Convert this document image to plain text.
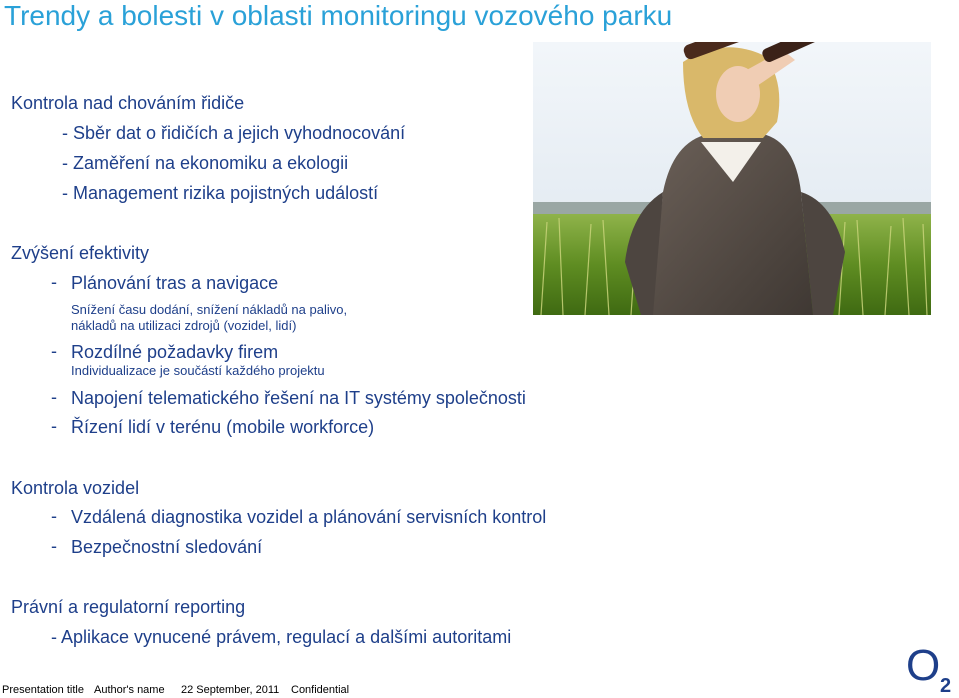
Trendy a bolesti v oblasti monitoringu vozového parku
Kontrola nad chováním řidiče
- Sběr dat o řidičích a jejich vyhodnocování
- Zaměření na ekonomiku a ekologii
- Management rizika pojistných událostí
Zvýšení efektivity
- Plánování tras a navigace
Snížení času dodání, snížení nákladů na palivo,
nákladů na utilizaci zdrojů (vozidel, lidí)
- Rozdílné požadavky firem
Individualizace je součástí každého projektu
- Napojení telematického řešení na IT systémy společnosti
- Řízení lidí v terénu (mobile workforce)
Kontrola vozidel
- Vzdálená diagnostika vozidel a plánování servisních kontrol
- Bezpečnostní sledování
Právní a regulatorní reporting
- Aplikace vynucené právem, regulací a dalšími autoritami
Presentation title Author's name 22 September, 2011 Confidential	O 2
